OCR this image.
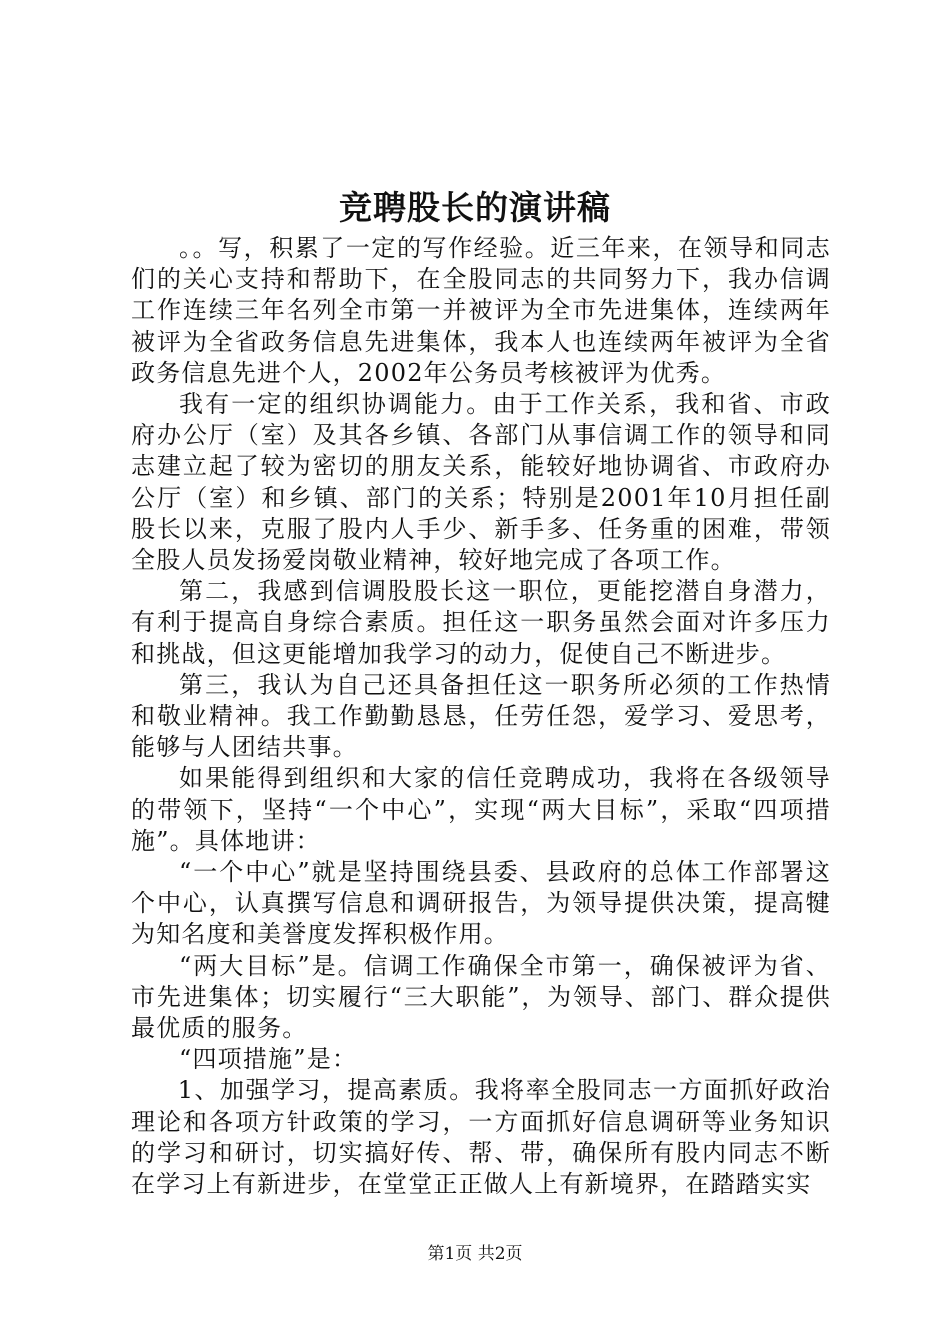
竞聘股长的演讲稿

。。写，积累了一定的写作经验。近三年来，在领导和同志们的关心支持和帮助下，在全股同志的共同努力下，我办信调工作连续三年名列全市第一并被评为全市先进集体，连续两年被评为全省政务信息先进集体，我本人也连续两年被评为全省政务信息先进个人，2002年公务员考核被评为优秀。

我有一定的组织协调能力。由于工作关系，我和省、市政府办公厅（室）及其各乡镇、各部门从事信调工作的领导和同志建立起了较为密切的朋友关系，能较好地协调省、市政府办公厅（室）和乡镇、部门的关系；特别是2001年10月担任副股长以来，克服了股内人手少、新手多、任务重的困难，带领全股人员发扬爱岗敬业精神，较好地完成了各项工作。

第二，我感到信调股股长这一职位，更能挖潜自身潜力，有利于提高自身综合素质。担任这一职务虽然会面对许多压力和挑战，但这更能增加我学习的动力，促使自己不断进步。

第三，我认为自己还具备担任这一职务所必须的工作热情和敬业精神。我工作勤勤恳恳，任劳任怨，爱学习、爱思考，能够与人团结共事。

如果能得到组织和大家的信任竞聘成功，我将在各级领导的带领下，坚持“一个中心”，实现“两大目标”，采取“四项措施”。具体地讲：

“一个中心”就是坚持围绕县委、县政府的总体工作部署这个中心，认真撰写信息和调研报告，为领导提供决策，提高犍为知名度和美誉度发挥积极作用。

“两大目标”是。信调工作确保全市第一，确保被评为省、市先进集体；切实履行“三大职能”，为领导、部门、群众提供最优质的服务。

“四项措施”是：

1、加强学习，提高素质。我将率全股同志一方面抓好政治理论和各项方针政策的学习，一方面抓好信息调研等业务知识的学习和研讨，切实搞好传、帮、带，确保所有股内同志不断在学习上有新进步，在堂堂正正做人上有新境界，在踏踏实实

第1页 共2页
